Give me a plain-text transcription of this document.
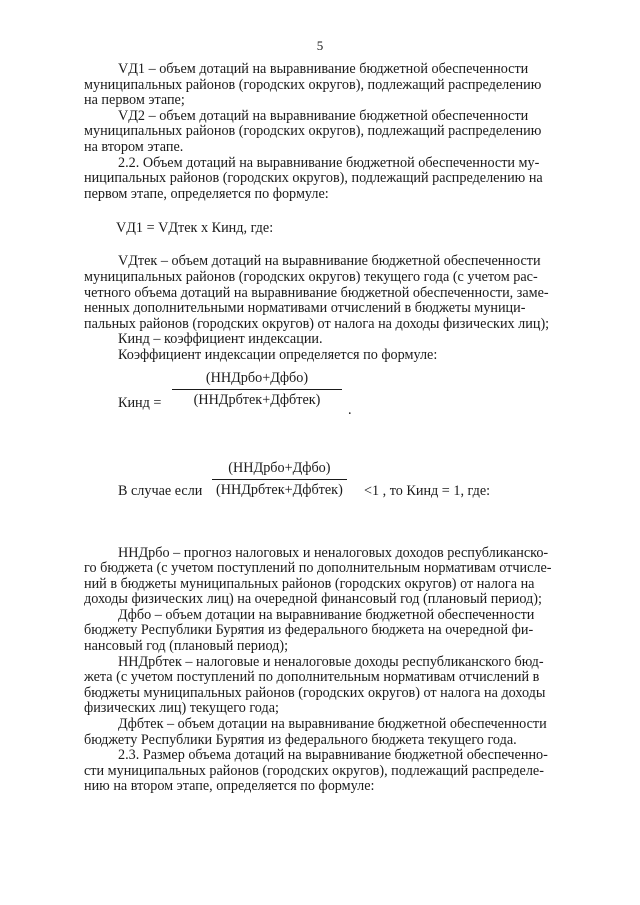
5

VД1 – объем дотаций на выравнивание бюджетной обеспеченности

муниципальных районов (городских округов), подлежащий распределению

на первом этапе;

VД2 – объем дотаций на выравнивание бюджетной обеспеченности

муниципальных районов (городских округов), подлежащий распределению

на втором этапе.

2.2. Объем дотаций на выравнивание бюджетной обеспеченности му-

ниципальных районов (городских округов), подлежащий распределению на

первом этапе, определяется по формуле:

VД1 = VДтек х Кинд, где:

VДтек – объем дотаций на выравнивание бюджетной обеспеченности

муниципальных районов (городских округов) текущего года (с учетом рас-

четного объема дотаций на выравнивание бюджетной обеспеченности, заме-

ненных дополнительными нормативами отчислений в бюджеты муници-

пальных районов (городских округов) от налога на доходы физических лиц);

Кинд – коэффициент индексации.

Коэффициент индексации определяется по формуле:

Кинд =
(ННДрбо+Дфбо)
(ННДрбтек+Дфбтек)
.
В случае если
(ННДрбо+Дфбо)
(ННДрбтек+Дфбтек) <1 , то Кинд = 1, где:

ННДрбо – прогноз налоговых и неналоговых доходов республиканско-

го бюджета (с учетом поступлений по дополнительным нормативам отчисле-

ний в бюджеты муниципальных районов (городских округов) от налога на

доходы физических лиц) на очередной финансовый год (плановый период);

Дфбо – объем дотации на выравнивание бюджетной обеспеченности

бюджету Республики Бурятия из федерального бюджета на очередной фи-

нансовый год (плановый период);

ННДрбтек – налоговые и неналоговые доходы республиканского бюд-

жета (с учетом поступлений по дополнительным нормативам отчислений в

бюджеты муниципальных районов (городских округов) от налога на доходы

физических лиц) текущего года;

Дфбтек – объем дотации на выравнивание бюджетной обеспеченности

бюджету Республики Бурятия из федерального бюджета текущего года.

2.3. Размер объема дотаций на выравнивание бюджетной обеспеченно-

сти муниципальных районов (городских округов), подлежащий распределе-

нию на втором этапе, определяется по формуле:
